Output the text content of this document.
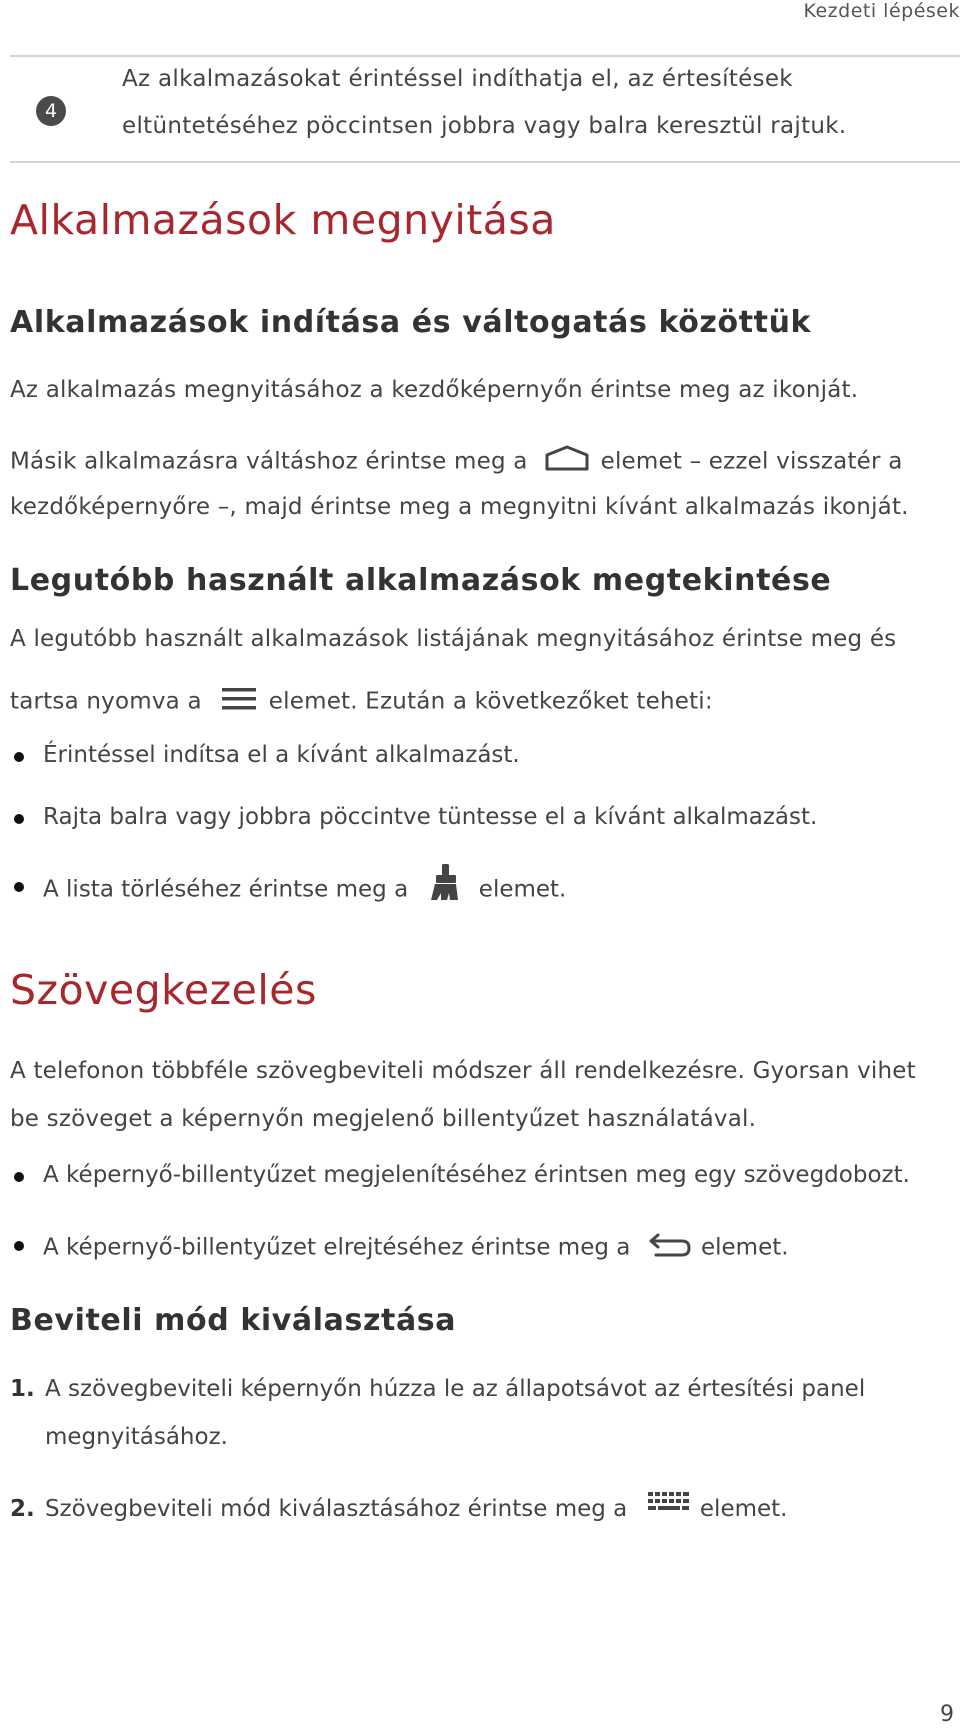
Kezdeti lépések
4
Az alkalmazásokat érintéssel indíthatja el, az értesítések
eltüntetéséhez pöccintsen jobbra vagy balra keresztül rajtuk.
Alkalmazások megnyitása
Alkalmazások indítása és váltogatás közöttük
Az alkalmazás megnyitásához a kezdőképernyőn érintse meg az ikonját.
Másik alkalmazásra váltáshoz érintse meg a	elemet – ezzel visszatér a
kezdőképernyőre –, majd érintse meg a megnyitni kívánt alkalmazás ikonját.
Legutóbb használt alkalmazások megtekintése
A legutóbb használt alkalmazások listájának megnyitásához érintse meg és
tartsa nyomva a	elemet. Ezután a következőket teheti:
Érintéssel indítsa el a kívánt alkalmazást.
Rajta balra vagy jobbra pöccintve tüntesse el a kívánt alkalmazást.
A lista törléséhez érintse meg a	elemet.
Szövegkezelés
A telefonon többféle szövegbeviteli módszer áll rendelkezésre. Gyorsan vihet
be szöveget a képernyőn megjelenő billentyűzet használatával.
A képernyő-billentyűzet megjelenítéséhez érintsen meg egy szövegdobozt.
A képernyő-billentyűzet elrejtéséhez érintse meg a	elemet.
Beviteli mód kiválasztása
1. A szövegbeviteli képernyőn húzza le az állapotsávot az értesítési panel
megnyitásához.
2. Szövegbeviteli mód kiválasztásához érintse meg a	elemet.
9
